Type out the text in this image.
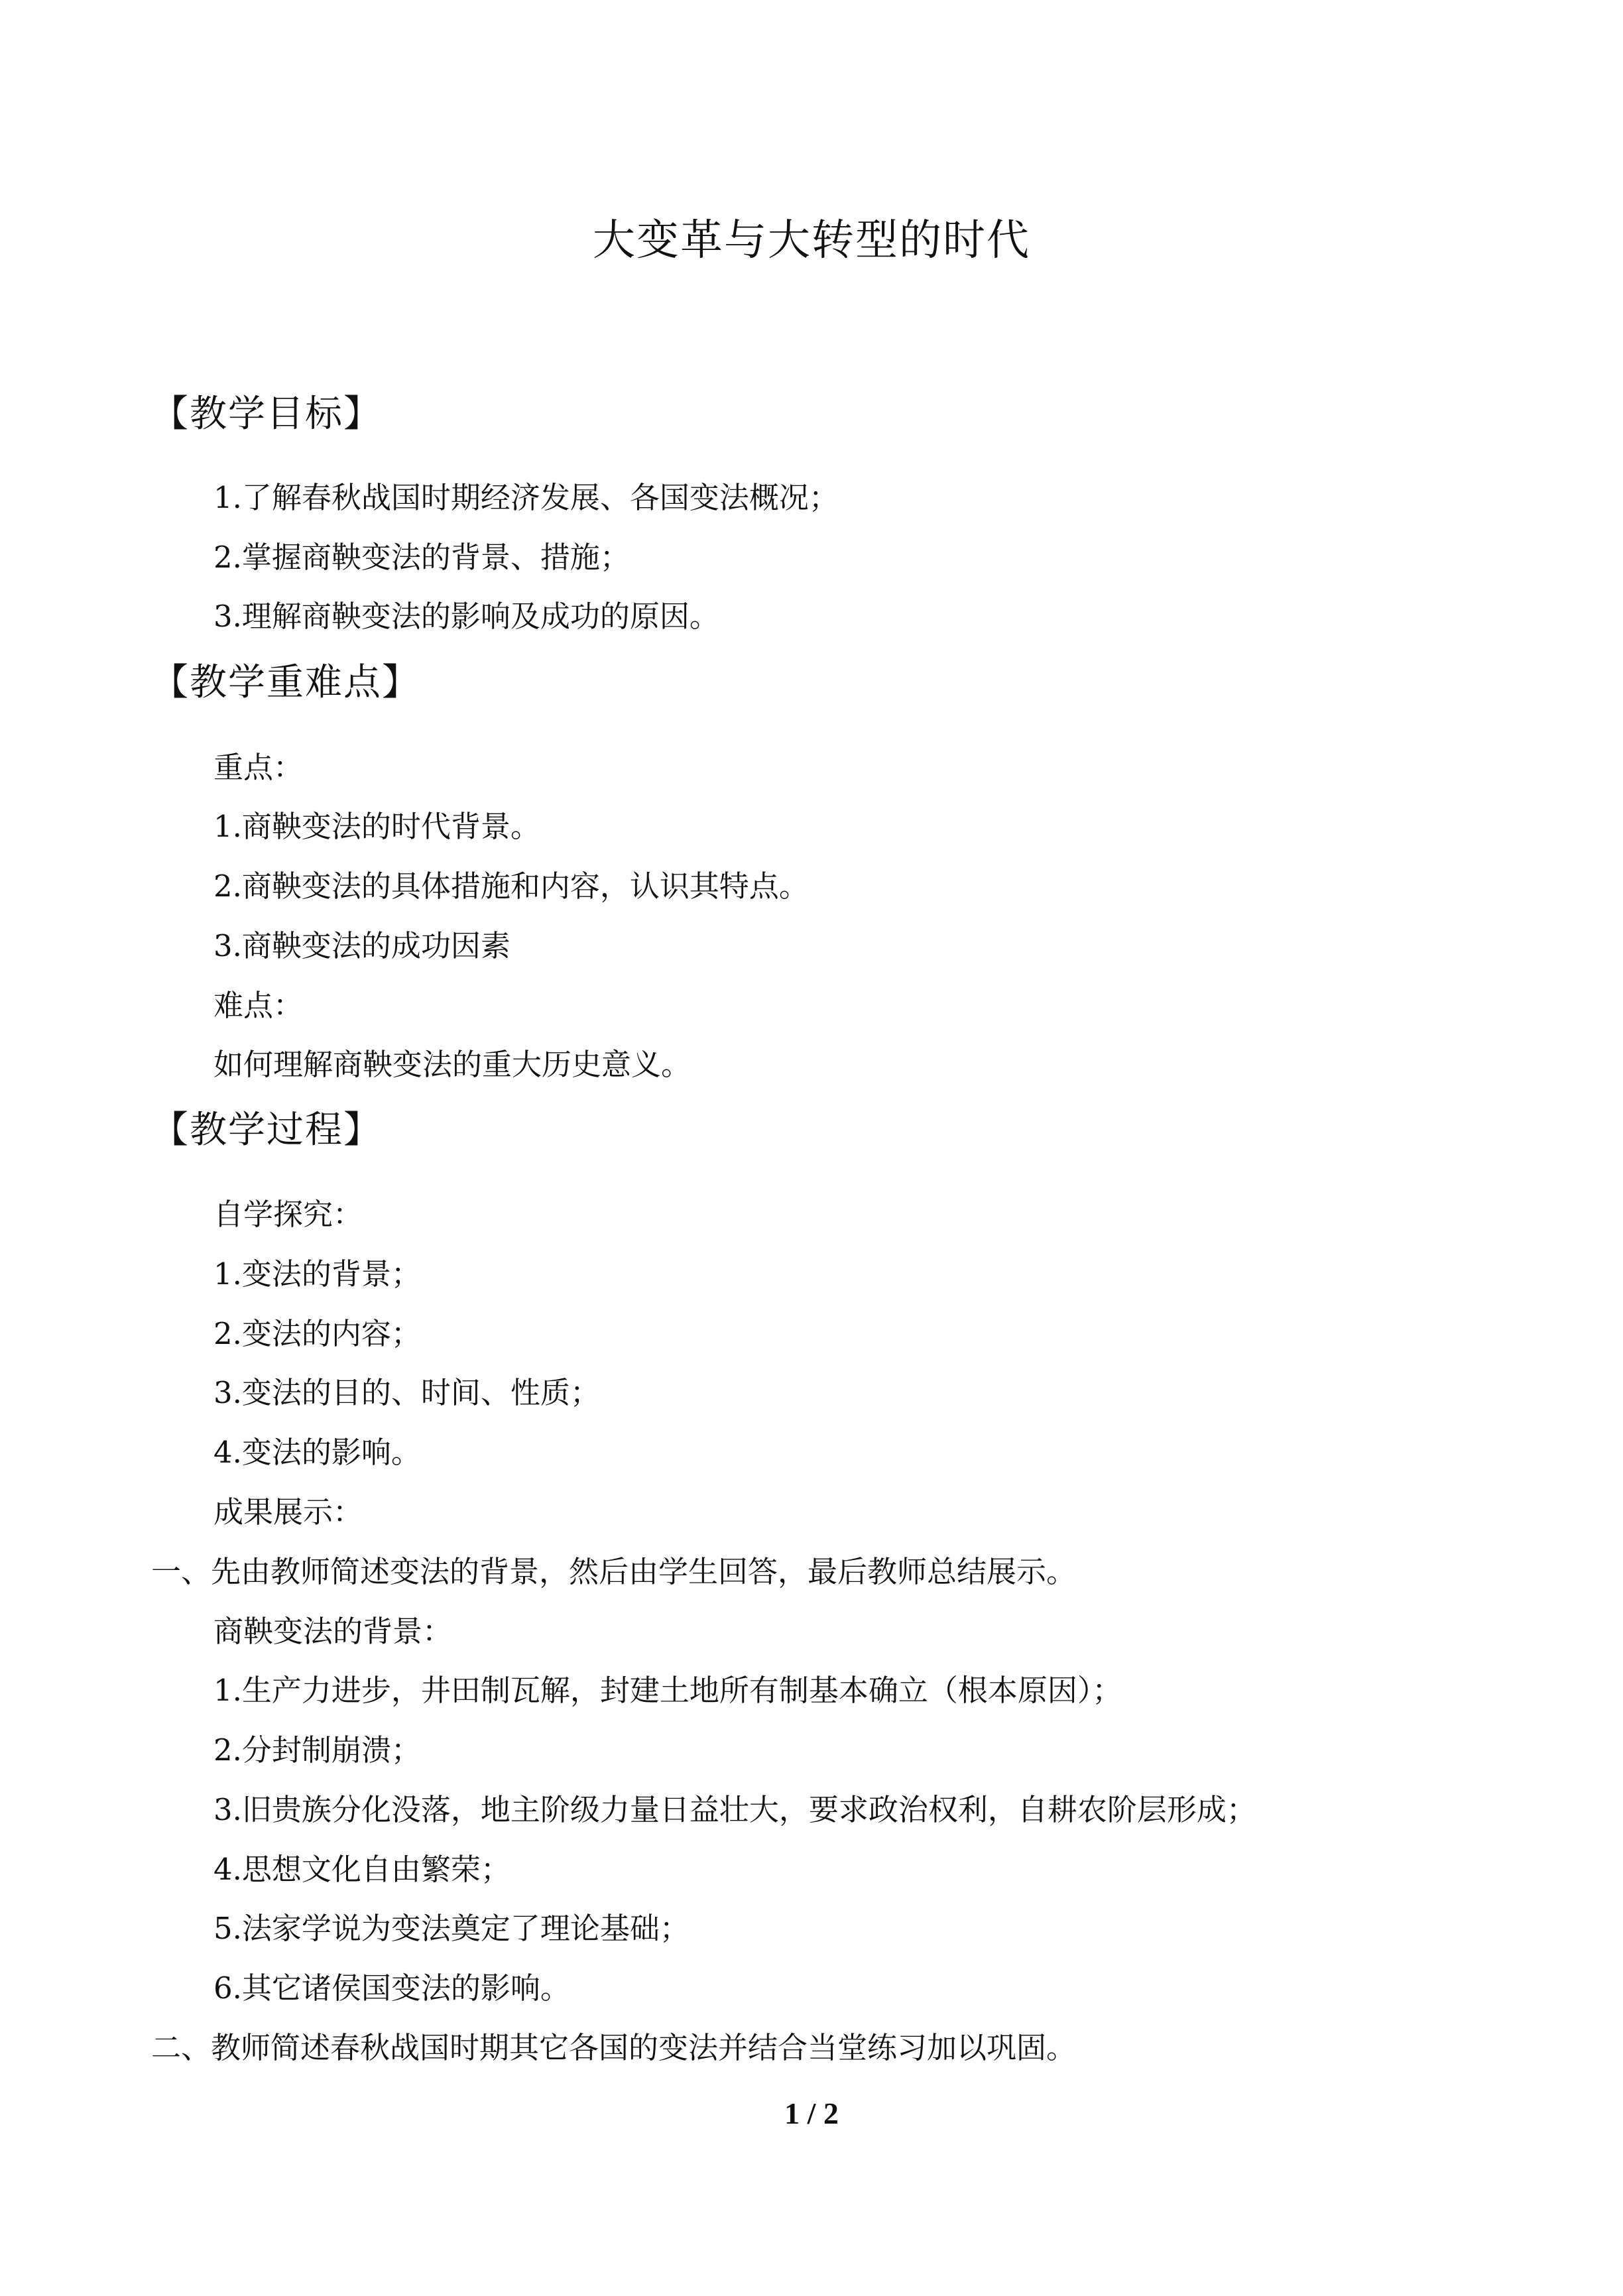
大变革与大转型的时代
【教学目标】
1.了解春秋战国时期经济发展、各国变法概况；
2.掌握商鞅变法的背景、措施；
3.理解商鞅变法的影响及成功的原因。
【教学重难点】
重点：
1.商鞅变法的时代背景。
2.商鞅变法的具体措施和内容，认识其特点。
3.商鞅变法的成功因素
难点：
如何理解商鞅变法的重大历史意义。
【教学过程】
自学探究：
1.变法的背景；
2.变法的内容；
3.变法的目的、时间、性质；
4.变法的影响。
成果展示：
一、先由教师简述变法的背景，然后由学生回答，最后教师总结展示。
商鞅变法的背景：
1.生产力进步，井田制瓦解，封建土地所有制基本确立（根本原因）；
2.分封制崩溃；
3.旧贵族分化没落，地主阶级力量日益壮大，要求政治权利，自耕农阶层形成；
4.思想文化自由繁荣；
5.法家学说为变法奠定了理论基础；
6.其它诸侯国变法的影响。
二、教师简述春秋战国时期其它各国的变法并结合当堂练习加以巩固。
1 / 2
